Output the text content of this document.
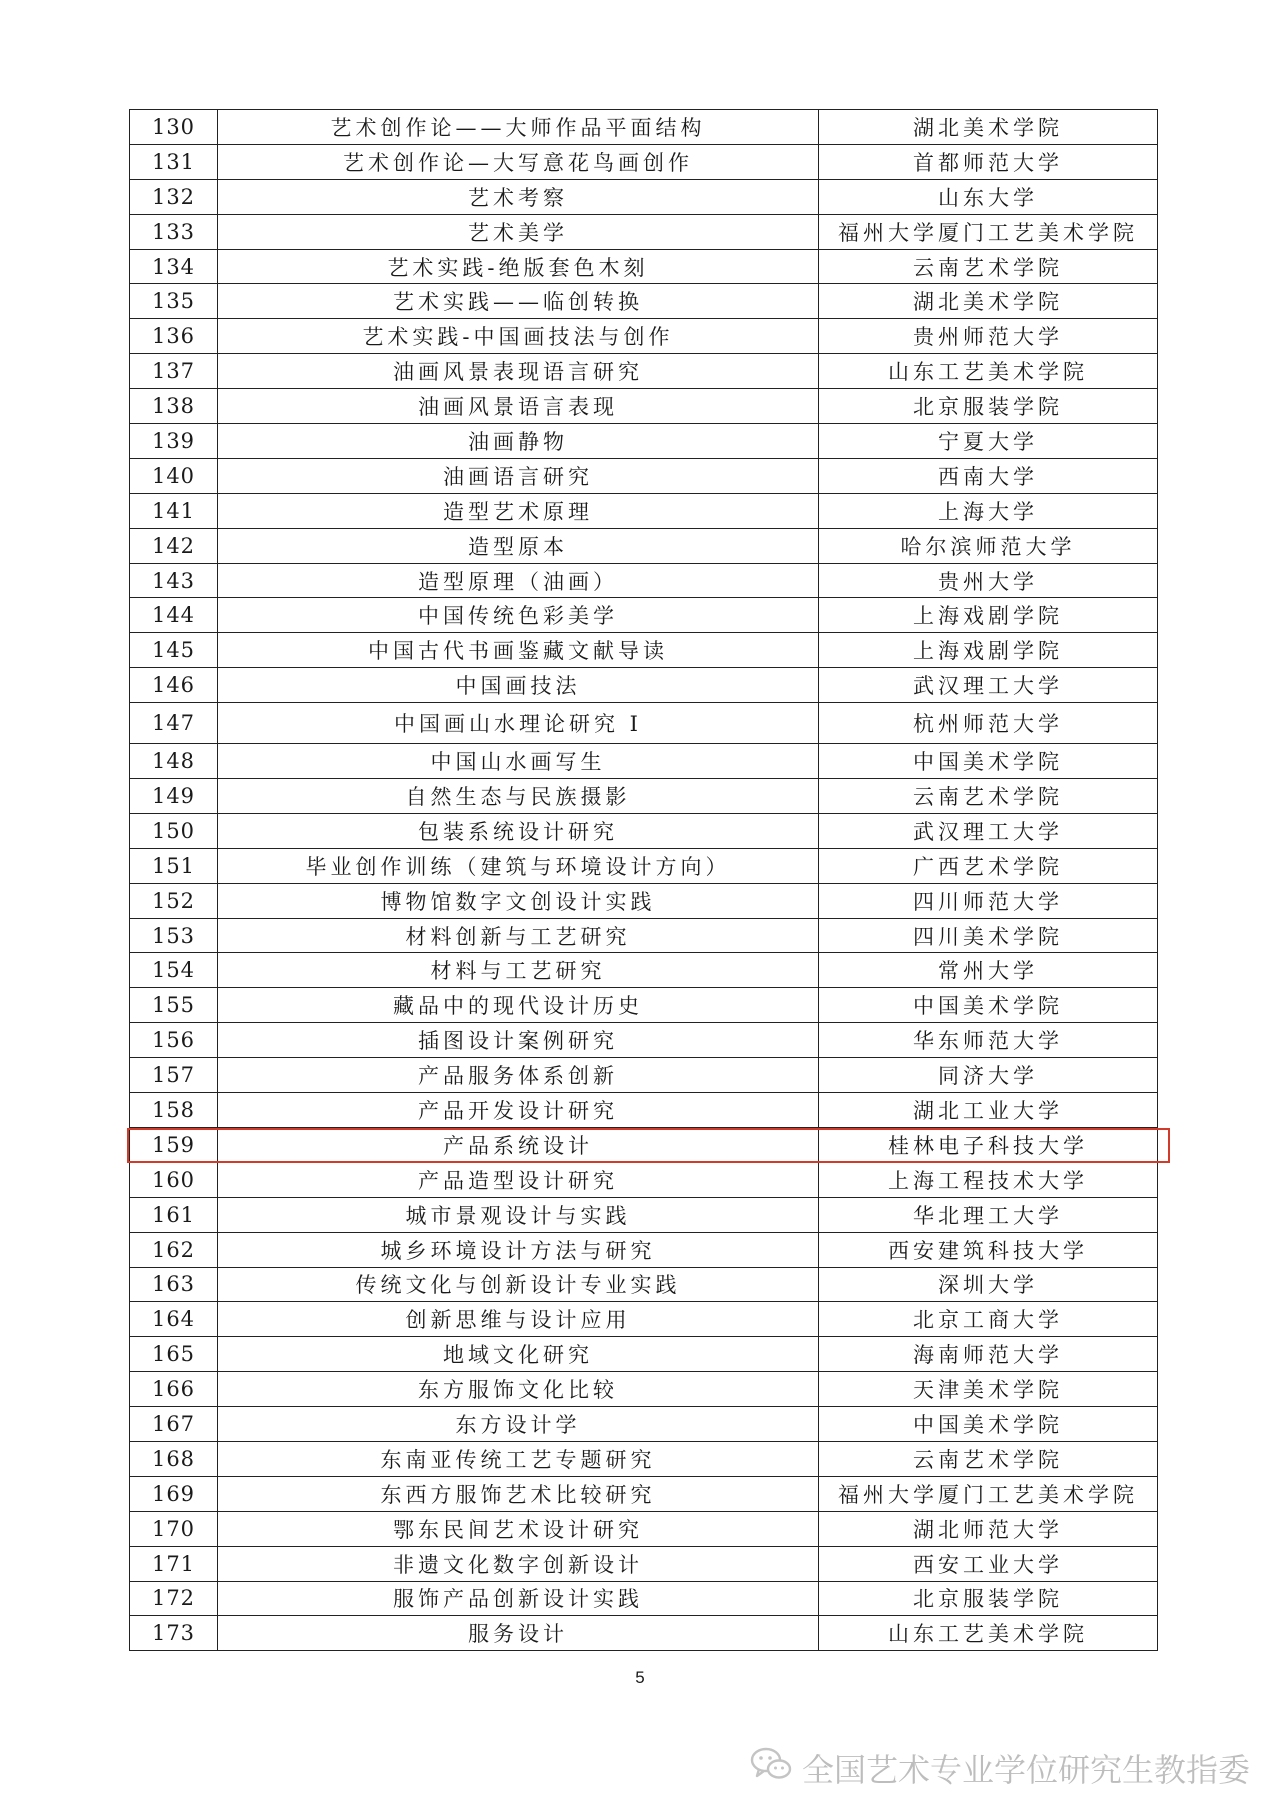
130	艺术创作论——大师作品平面结构	湖北美术学院
131	艺术创作论—大写意花鸟画创作	首都师范大学
132	艺术考察	山东大学
133	艺术美学	福州大学厦门工艺美术学院
134	艺术实践-绝版套色木刻	云南艺术学院
135	艺术实践——临创转换	湖北美术学院
136	艺术实践-中国画技法与创作	贵州师范大学
137	油画风景表现语言研究	山东工艺美术学院
138	油画风景语言表现	北京服装学院
139	油画静物	宁夏大学
140	油画语言研究	西南大学
141	造型艺术原理	上海大学
142	造型原本	哈尔滨师范大学
143	造型原理（油画）	贵州大学
144	中国传统色彩美学	上海戏剧学院
145	中国古代书画鉴藏文献导读	上海戏剧学院
146	中国画技法	武汉理工大学
147	中国画山水理论研究 I	杭州师范大学
148	中国山水画写生	中国美术学院
149	自然生态与民族摄影	云南艺术学院
150	包装系统设计研究	武汉理工大学
151	毕业创作训练（建筑与环境设计方向）	广西艺术学院
152	博物馆数字文创设计实践	四川师范大学
153	材料创新与工艺研究	四川美术学院
154	材料与工艺研究	常州大学
155	藏品中的现代设计历史	中国美术学院
156	插图设计案例研究	华东师范大学
157	产品服务体系创新	同济大学
158	产品开发设计研究	湖北工业大学
159	产品系统设计	桂林电子科技大学
160	产品造型设计研究	上海工程技术大学
161	城市景观设计与实践	华北理工大学
162	城乡环境设计方法与研究	西安建筑科技大学
163	传统文化与创新设计专业实践	深圳大学
164	创新思维与设计应用	北京工商大学
165	地域文化研究	海南师范大学
166	东方服饰文化比较	天津美术学院
167	东方设计学	中国美术学院
168	东南亚传统工艺专题研究	云南艺术学院
169	东西方服饰艺术比较研究	福州大学厦门工艺美术学院
170	鄂东民间艺术设计研究	湖北师范大学
171	非遗文化数字创新设计	西安工业大学
172	服饰产品创新设计实践	北京服装学院
173	服务设计	山东工艺美术学院
5
全国艺术专业学位研究生教指委
